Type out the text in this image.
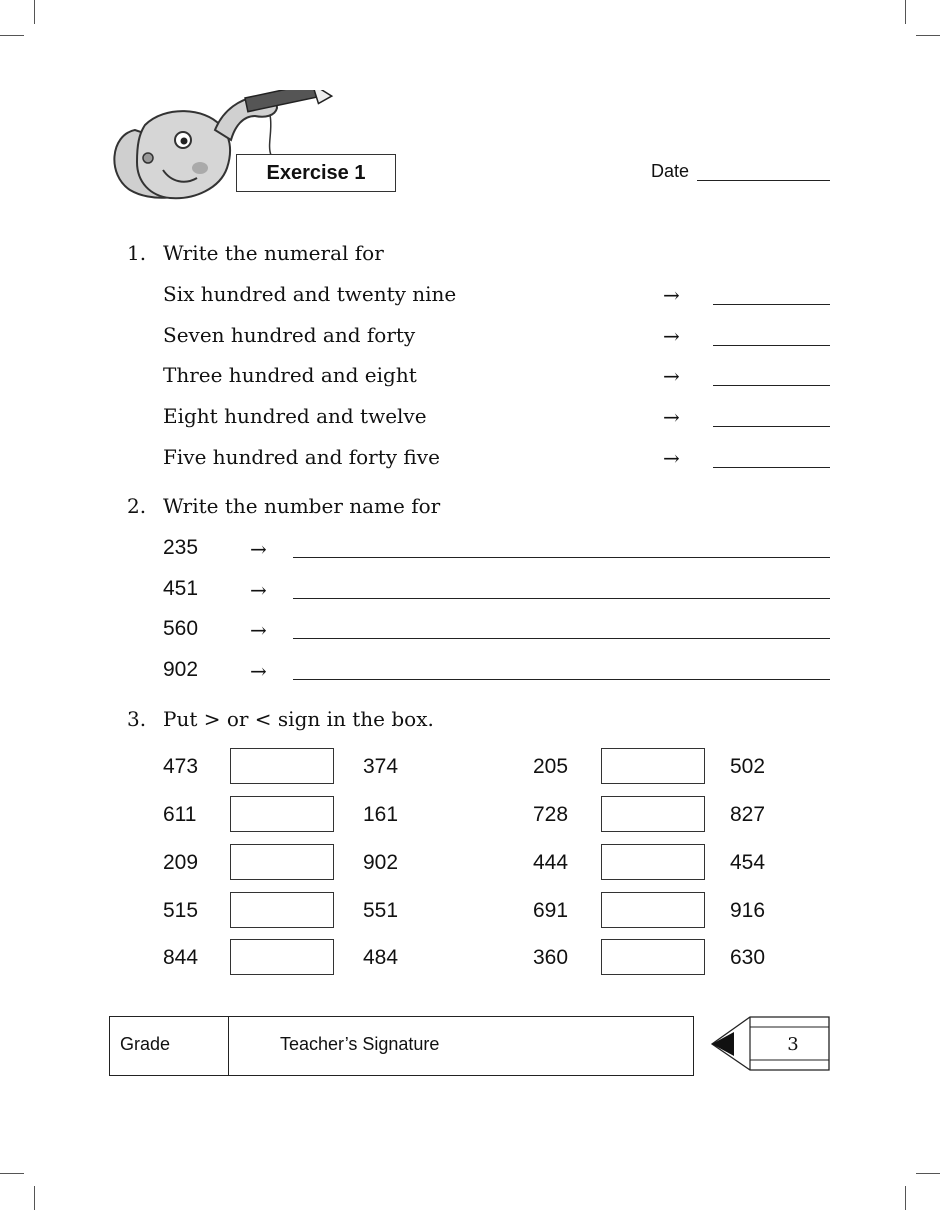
Exercise 1	Date
1. Write the numeral for
Six hundred and twenty nine	→
Seven hundred and forty	→
Three hundred and eight	→
Eight hundred and twelve	→
Five hundred and forty five	→
2. Write the number name for
235	→
451	→
560	→
902	→
3. Put > or < sign in the box.
473	374	205	502
611	161	728	827
209	902	444	454
515	551	691	916
844	484	360	630
Grade	Teacher’s Signature	3
